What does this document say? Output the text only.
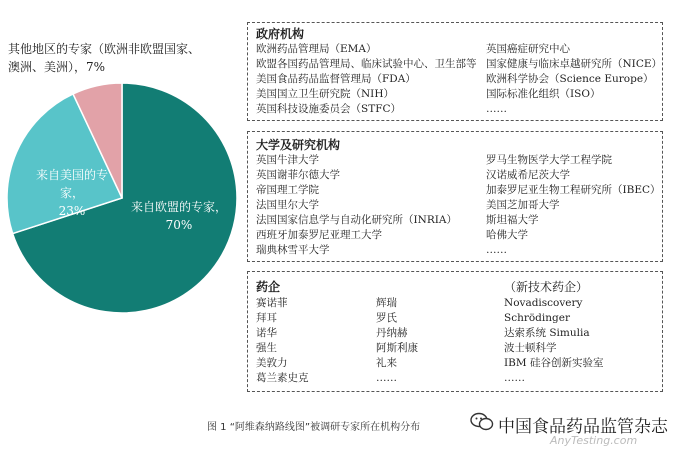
其他地区的专家（欧洲非欧盟国家、澳洲、美洲），7%
来自美国的专家，
23%	来自欧盟的专家，
70%
政府机构
欧洲药品管理局（EMA）
欧盟各国药品管理局、临床试验中心、卫生部等
美国食品药品监督管理局（FDA）
美国国立卫生研究院（NIH）
英国科技设施委员会（STFC）
英国癌症研究中心
国家健康与临床卓越研究所（NICE）
欧洲科学协会（Science Europe）
国际标准化组织（ISO）
……
大学及研究机构
英国牛津大学
英国谢菲尔德大学
帝国理工学院
法国里尔大学
法国国家信息学与自动化研究所（INRIA）
西班牙加泰罗尼亚理工大学
瑞典林雪平大学
罗马生物医学大学工程学院
汉诺威希尼茨大学
加泰罗尼亚生物工程研究所（IBEC）
美国芝加哥大学
斯坦福大学
哈佛大学
……
药企
赛诺菲
拜耳
诺华
强生
美敦力
葛兰素史克

辉瑞
罗氏
丹纳赫
阿斯利康
礼来
……
（新技术药企）
Novadiscovery
Schrödinger
达索系统 Simulia
波士顿科学
IBM 硅谷创新实验室
……
图 1 “阿维森纳路线图”被调研专家所在机构分布	中国食品药品监管杂志
AnyTesting.com
